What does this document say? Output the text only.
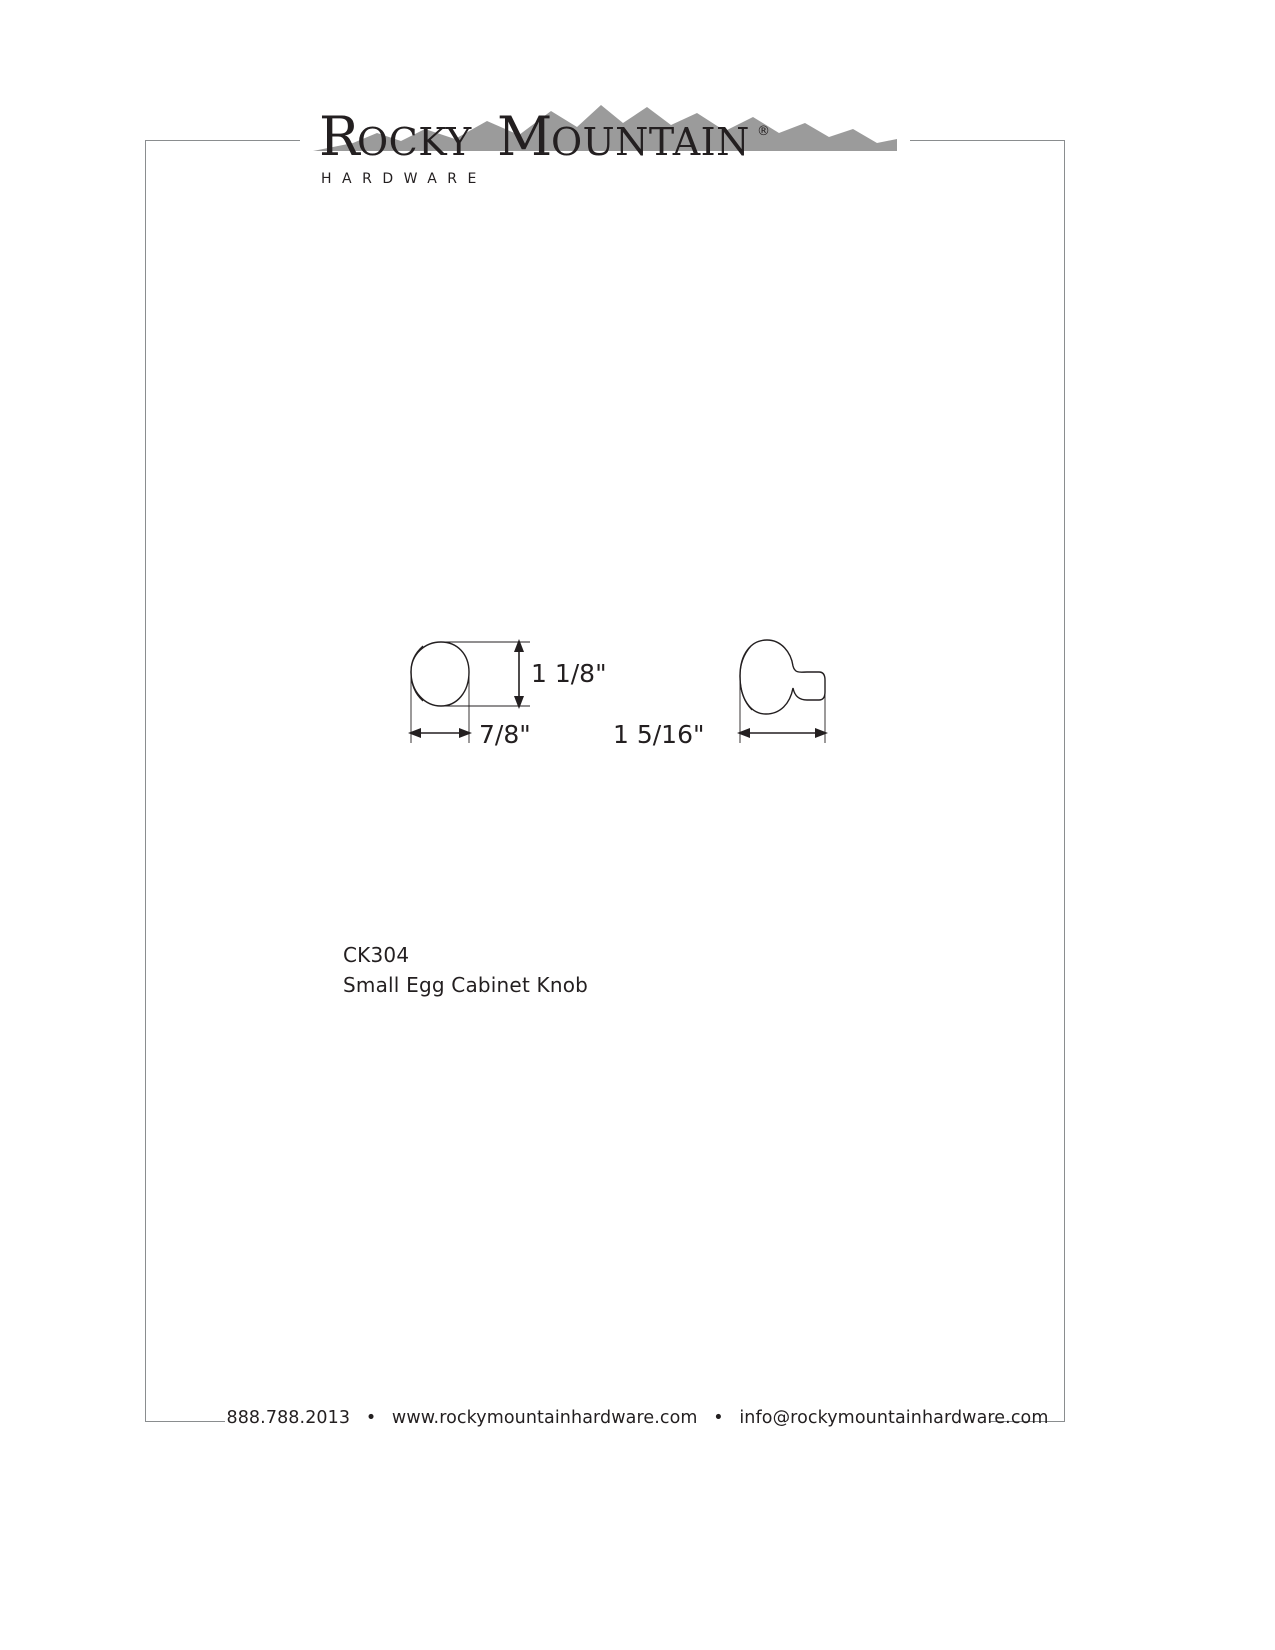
R
OCKY M
OUNTAIN ®
HARDWARE
1 1/8"
7/8"	1 5/16"
CK304
Small Egg Cabinet Knob
888.788.2013 • www.rockymountainhardware.com • info@rockymountainhardware.com
